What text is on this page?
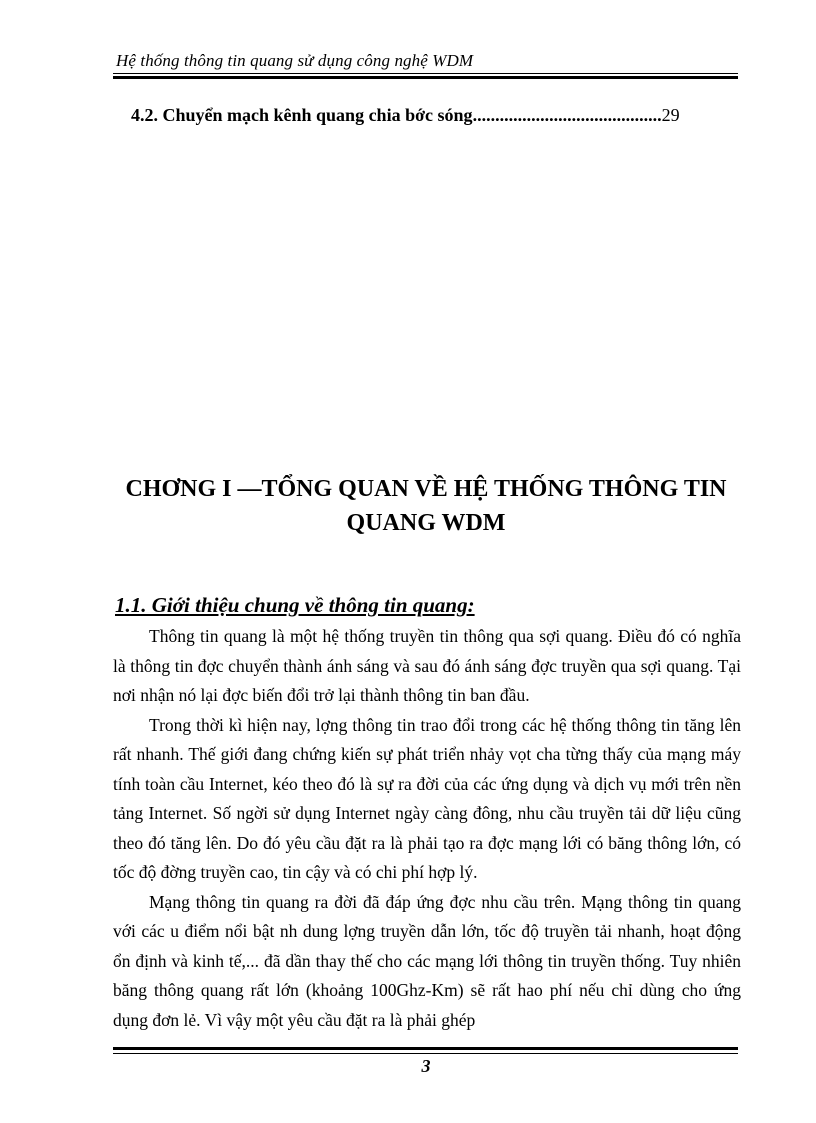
Hệ thống thông tin quang sử dụng công nghệ WDM
4.2. Chuyển mạch kênh quang chia bớc sóng..........................................29
CHƠNG I —TỔNG QUAN VỀ HỆ THỐNG THÔNG TIN
QUANG WDM
1.1. Giới thiệu chung về thông tin quang:

Thông tin quang là một hệ thống truyền tin thông qua sợi quang. Điều đó có nghĩa là thông tin đợc chuyển thành ánh sáng và sau đó ánh sáng đợc truyền qua sợi quang. Tại nơi nhận nó lại đợc biến đổi trở lại thành thông tin ban đầu.

Trong thời kì hiện nay, lợng thông tin trao đổi trong các hệ thống thông tin tăng lên rất nhanh. Thế giới đang chứng kiến sự phát triển nhảy vọt cha từng thấy của mạng máy tính toàn cầu Internet, kéo theo đó là sự ra đời của các ứng dụng và dịch vụ mới trên nền tảng Internet. Số ngời sử dụng Internet ngày càng đông, nhu cầu truyền tải dữ liệu cũng theo đó tăng lên. Do đó yêu cầu đặt ra là phải tạo ra đợc mạng lới có băng thông lớn, có tốc độ đờng truyền cao, tin cậy và có chi phí hợp lý.

Mạng thông tin quang ra đời đã đáp ứng đợc nhu cầu trên. Mạng thông tin quang với các u điểm nổi bật nh dung lợng truyền dẫn lớn, tốc độ truyền tải nhanh, hoạt động ổn định và kinh tế,... đã dần thay thế cho các mạng lới thông tin truyền thống. Tuy nhiên băng thông quang rất lớn (khoảng 100Ghz-Km) sẽ rất hao phí nếu chỉ dùng cho ứng dụng đơn lẻ. Vì vậy một yêu cầu đặt ra là phải ghép

3
